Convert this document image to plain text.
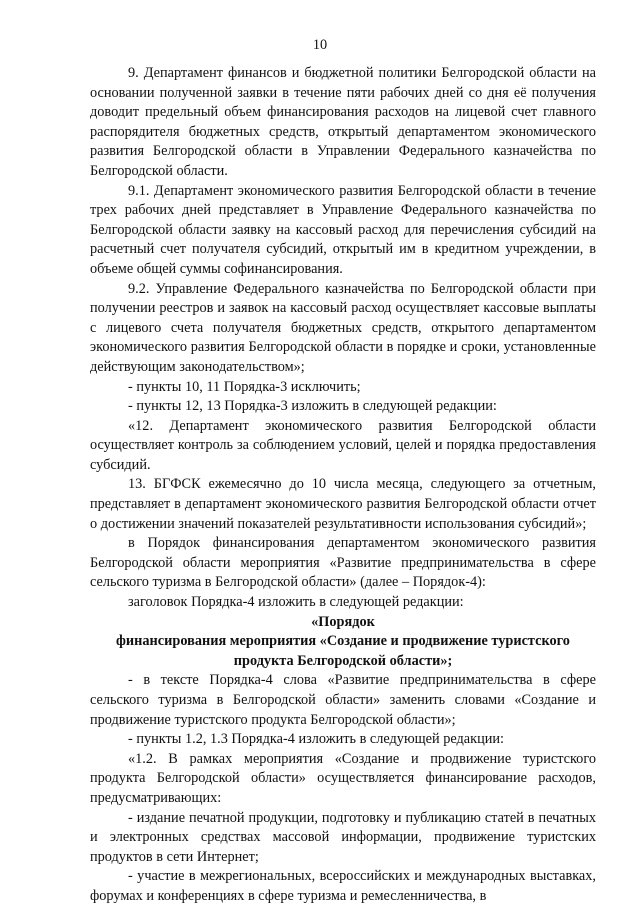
10

9. Департамент финансов и бюджетной политики Белгородской области на основании полученной заявки в течение пяти рабочих дней со дня её получения доводит предельный объем финансирования расходов на лицевой счет главного распорядителя бюджетных средств, открытый департаментом экономического развития Белгородской области в Управлении Федерального казначейства по Белгородской области.

9.1. Департамент экономического развития Белгородской области в течение трех рабочих дней представляет в Управление Федерального казначейства по Белгородской области заявку на кассовый расход для перечисления субсидий на расчетный счет получателя субсидий, открытый им в кредитном учреждении, в объеме общей суммы софинансирования.

9.2. Управление Федерального казначейства по Белгородской области при получении реестров и заявок на кассовый расход осуществляет кассовые выплаты с лицевого счета получателя бюджетных средств, открытого департаментом экономического развития Белгородской области в порядке и сроки, установленные действующим законодательством»;

- пункты 10, 11 Порядка-3 исключить;

- пункты 12, 13 Порядка-3 изложить в следующей редакции:

«12. Департамент экономического развития Белгородской области осуществляет контроль за соблюдением условий, целей и порядка предоставления субсидий.

13. БГФСК ежемесячно до 10 числа месяца, следующего за отчетным, представляет в департамент экономического развития Белгородской области отчет о достижении значений показателей результативности использования субсидий»;

в Порядок финансирования департаментом экономического развития Белгородской области мероприятия «Развитие предпринимательства в сфере сельского туризма в Белгородской области» (далее – Порядок-4):

заголовок Порядка-4 изложить в следующей редакции:

«Порядок

финансирования мероприятия «Создание и продвижение туристского продукта Белгородской области»;

- в тексте Порядка-4 слова «Развитие предпринимательства в сфере сельского туризма в Белгородской области» заменить словами «Создание и продвижение туристского продукта Белгородской области»;

- пункты 1.2, 1.3 Порядка-4 изложить в следующей редакции:

«1.2. В рамках мероприятия «Создание и продвижение туристского продукта Белгородской области» осуществляется финансирование расходов, предусматривающих:

- издание печатной продукции, подготовку и публикацию статей в печатных и электронных средствах массовой информации, продвижение туристских продуктов в сети Интернет;

- участие в межрегиональных, всероссийских и международных выставках, форумах и конференциях в сфере туризма и ремесленничества, в
